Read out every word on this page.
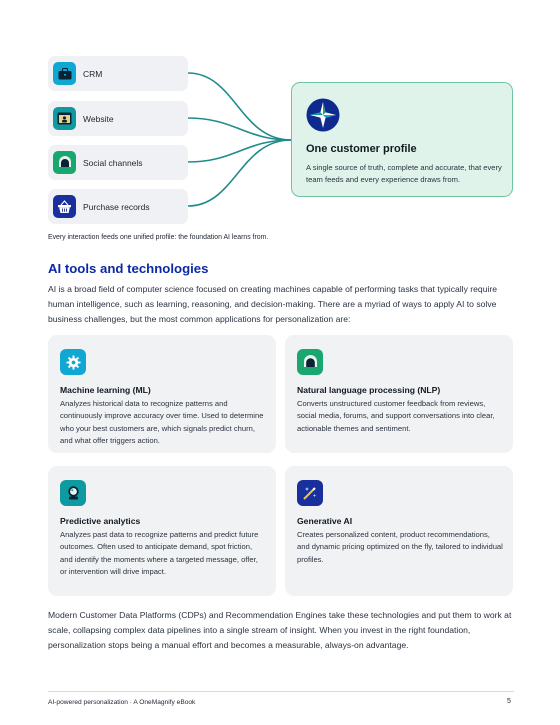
CRM
Website
Social channels
Purchase records
One customer profile
A single source of truth, complete and accurate, that every team feeds and every experience draws from.
Every interaction feeds one unified profile: the foundation AI learns from.
AI tools and technologies

AI is a broad field of computer science focused on creating machines capable of performing tasks that typically require human intelligence, such as learning, reasoning, and decision-making. There are a myriad of ways to apply AI to solve business challenges, but the most common applications for personalization are:

Machine learning (ML)
Analyzes historical data to recognize patterns and continuously improve accuracy over time. Used to determine who your best customers are, which signals predict churn, and what offer triggers action.
Natural language processing (NLP)
Converts unstructured customer feedback from reviews, social media, forums, and support conversations into clear, actionable themes and sentiment.
Predictive analytics
Analyzes past data to recognize patterns and predict future outcomes. Often used to anticipate demand, spot friction, and identify the moments where a targeted message, offer, or intervention will drive impact.
Generative AI
Creates personalized content, product recommendations, and dynamic pricing optimized on the fly, tailored to individual profiles.

Modern Customer Data Platforms (CDPs) and Recommendation Engines take these technologies and put them to work at scale, collapsing complex data pipelines into a single stream of insight. When you invest in the right foundation, personalization stops being a manual effort and becomes a measurable, always-on advantage.

AI-powered personalization · A OneMagnify eBook	5
